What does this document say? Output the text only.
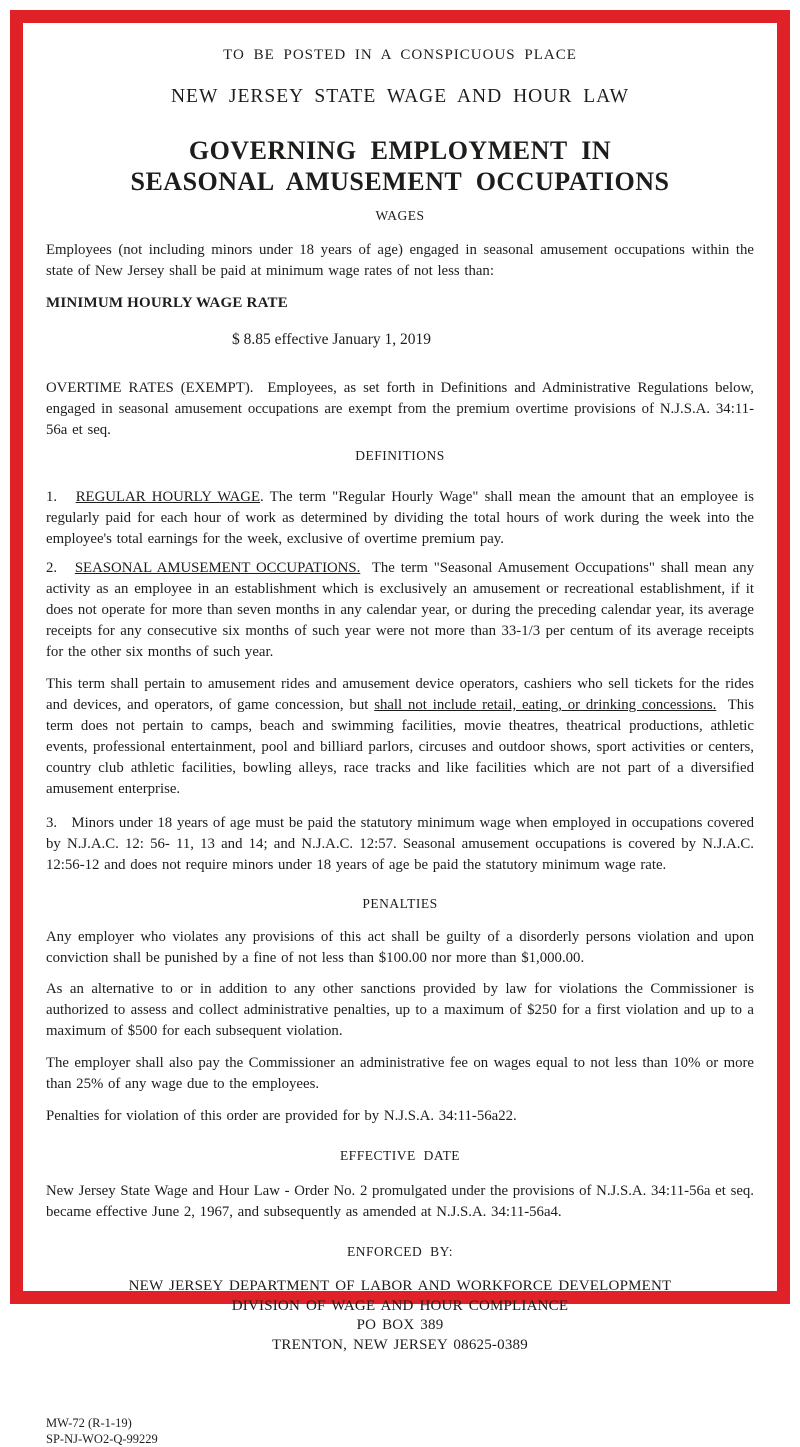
TO BE POSTED IN A CONSPICUOUS PLACE
NEW JERSEY STATE WAGE AND HOUR LAW
GOVERNING EMPLOYMENT IN
SEASONAL AMUSEMENT OCCUPATIONS
WAGES

Employees (not including minors under 18 years of age) engaged in seasonal amusement occupations within the state of New Jersey shall be paid at minimum wage rates of not less than:

MINIMUM HOURLY WAGE RATE
$ 8.85 effective January 1, 2019

OVERTIME RATES (EXEMPT).  Employees, as set forth in Definitions and Administrative Regulations below, engaged in seasonal amusement occupations are exempt from the premium overtime provisions of N.J.S.A. 34:11-56a et seq.

DEFINITIONS

1.   REGULAR HOURLY WAGE. The term "Regular Hourly Wage" shall mean the amount that an employee is regularly paid for each hour of work as determined by dividing the total hours of work during the week into the employee's total earnings for the week, exclusive of overtime premium pay.

2.   SEASONAL AMUSEMENT OCCUPATIONS.  The term "Seasonal Amusement Occupations" shall mean any activity as an employee in an establishment which is exclusively an amusement or recreational establishment, if it does not operate for more than seven months in any calendar year, or during the preceding calendar year, its average receipts for any consecutive six months of such year were not more than 33-1/3 per centum of its average receipts for the other six months of such year.

This term shall pertain to amusement rides and amusement device operators, cashiers who sell tickets for the rides and devices, and operators, of game concession, but shall not include retail, eating, or drinking concessions.  This term does not pertain to camps, beach and swimming facilities, movie theatres, theatrical productions, athletic events, professional entertainment, pool and billiard parlors, circuses and outdoor shows, sport activities or centers, country club athletic facilities, bowling alleys, race tracks and like facilities which are not part of a diversified amusement enterprise.

3.   Minors under 18 years of age must be paid the statutory minimum wage when employed in occupations covered by N.J.A.C. 12: 56- 11, 13 and 14; and N.J.A.C. 12:57. Seasonal amusement occupations is covered by N.J.A.C. 12:56-12 and does not require minors under 18 years of age be paid the statutory minimum wage rate.

PENALTIES

Any employer who violates any provisions of this act shall be guilty of a disorderly persons violation and upon conviction shall be punished by a fine of not less than $100.00 nor more than $1,000.00.

As an alternative to or in addition to any other sanctions provided by law for violations the Commissioner is authorized to assess and collect administrative penalties, up to a maximum of $250 for a first violation and up to a maximum of $500 for each subsequent violation.

The employer shall also pay the Commissioner an administrative fee on wages equal to not less than 10% or more than 25% of any wage due to the employees.

Penalties for violation of this order are provided for by N.J.S.A. 34:11-56a22.

EFFECTIVE DATE

New Jersey State Wage and Hour Law - Order No. 2 promulgated under the provisions of N.J.S.A. 34:11-56a et seq. became effective June 2, 1967, and subsequently as amended at N.J.S.A. 34:11-56a4.

ENFORCED BY:
NEW JERSEY DEPARTMENT OF LABOR AND WORKFORCE DEVELOPMENT
DIVISION OF WAGE AND HOUR COMPLIANCE
PO BOX 389
TRENTON, NEW JERSEY 08625-0389
MW-72 (R-1-19)
SP-NJ-WO2-Q-99229
